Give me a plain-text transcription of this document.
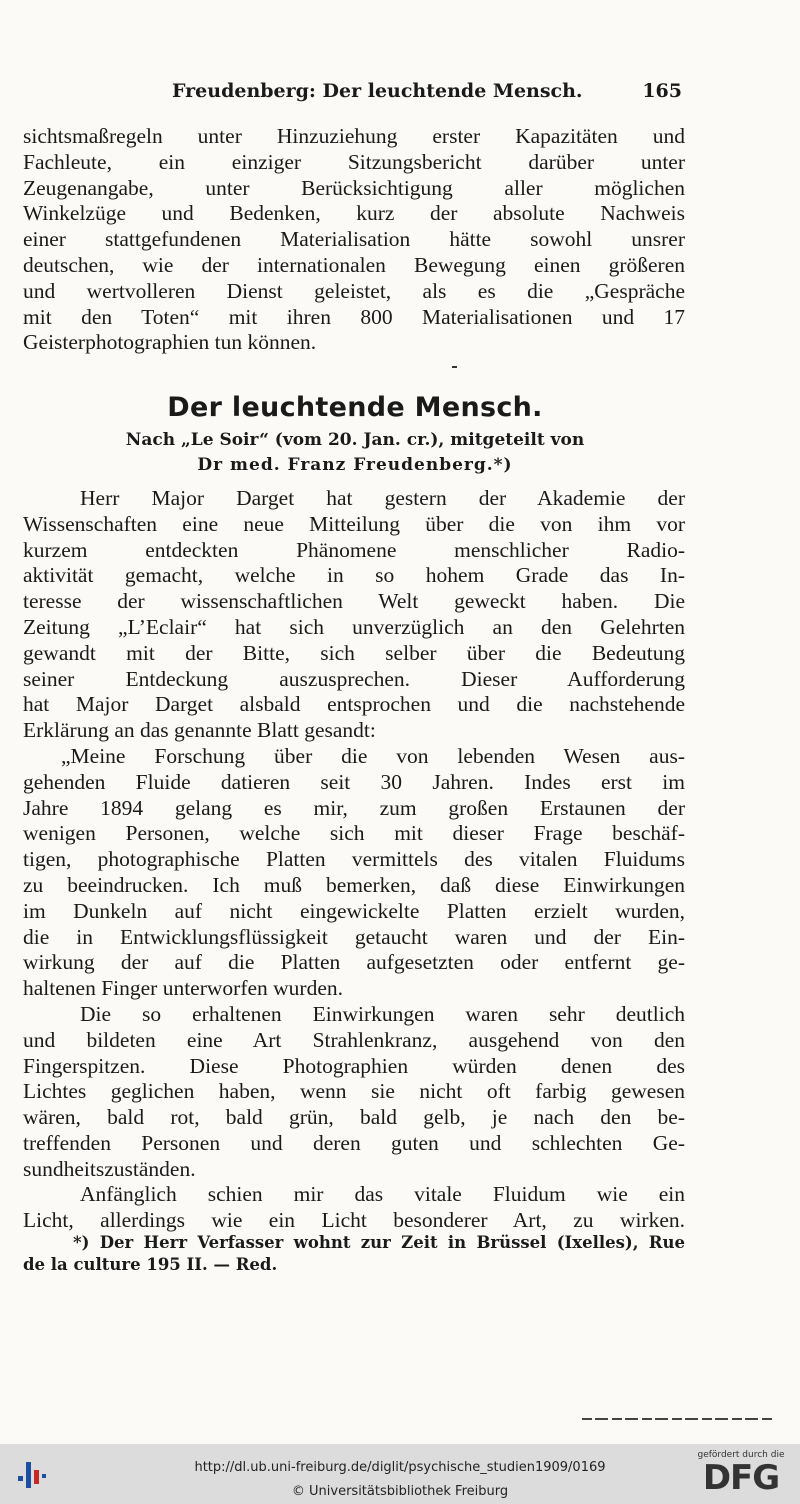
Freudenberg: Der leuchtende Mensch.	165
sichtsmaßregeln unter Hinzuziehung erster Kapazitäten und
Fachleute, ein einziger Sitzungsbericht darüber unter
Zeugenangabe, unter Berücksichtigung aller möglichen
Winkelzüge und Bedenken, kurz der absolute Nachweis
einer stattgefundenen Materialisation hätte sowohl unsrer
deutschen, wie der internationalen Bewegung einen größeren
und wertvolleren Dienst geleistet, als es die „Gespräche
mit den Toten“ mit ihren 800 Materialisationen und 17
Geisterphotographien tun können.
Der leuchtende Mensch.
Nach „Le Soir“ (vom 20. Jan. cr.), mitgeteilt von
Dr med. Franz Freudenberg.*)
Herr Major Darget hat gestern der Akademie der
Wissenschaften eine neue Mitteilung über die von ihm vor
kurzem entdeckten Phänomene menschlicher Radio-
aktivität gemacht, welche in so hohem Grade das In-
teresse der wissenschaftlichen Welt geweckt haben. Die
Zeitung „L’Eclair“ hat sich unverzüglich an den Gelehrten
gewandt mit der Bitte, sich selber über die Bedeutung
seiner Entdeckung auszusprechen. Dieser Aufforderung
hat Major Darget alsbald entsprochen und die nachstehende
Erklärung an das genannte Blatt gesandt:
„Meine Forschung über die von lebenden Wesen aus-
gehenden Fluide datieren seit 30 Jahren. Indes erst im
Jahre 1894 gelang es mir, zum großen Erstaunen der
wenigen Personen, welche sich mit dieser Frage beschäf-
tigen, photographische Platten vermittels des vitalen Fluidums
zu beeindrucken. Ich muß bemerken, daß diese Einwirkungen
im Dunkeln auf nicht eingewickelte Platten erzielt wurden,
die in Entwicklungsflüssigkeit getaucht waren und der Ein-
wirkung der auf die Platten aufgesetzten oder entfernt ge-
haltenen Finger unterworfen wurden.
Die so erhaltenen Einwirkungen waren sehr deutlich
und bildeten eine Art Strahlenkranz, ausgehend von den
Fingerspitzen. Diese Photographien würden denen des
Lichtes geglichen haben, wenn sie nicht oft farbig gewesen
wären, bald rot, bald grün, bald gelb, je nach den be-
treffenden Personen und deren guten und schlechten Ge-
sundheitszuständen.
Anfänglich schien mir das vitale Fluidum wie ein
Licht, allerdings wie ein Licht besonderer Art, zu wirken.
*) Der Herr Verfasser wohnt zur Zeit in Brüssel (Ixelles), Rue
de la culture 195 II. — Red.
http://dl.ub.uni-freiburg.de/diglit/psychische_studien1909/0169
© Universitätsbibliothek Freiburg
gefördert durch die
DFG
